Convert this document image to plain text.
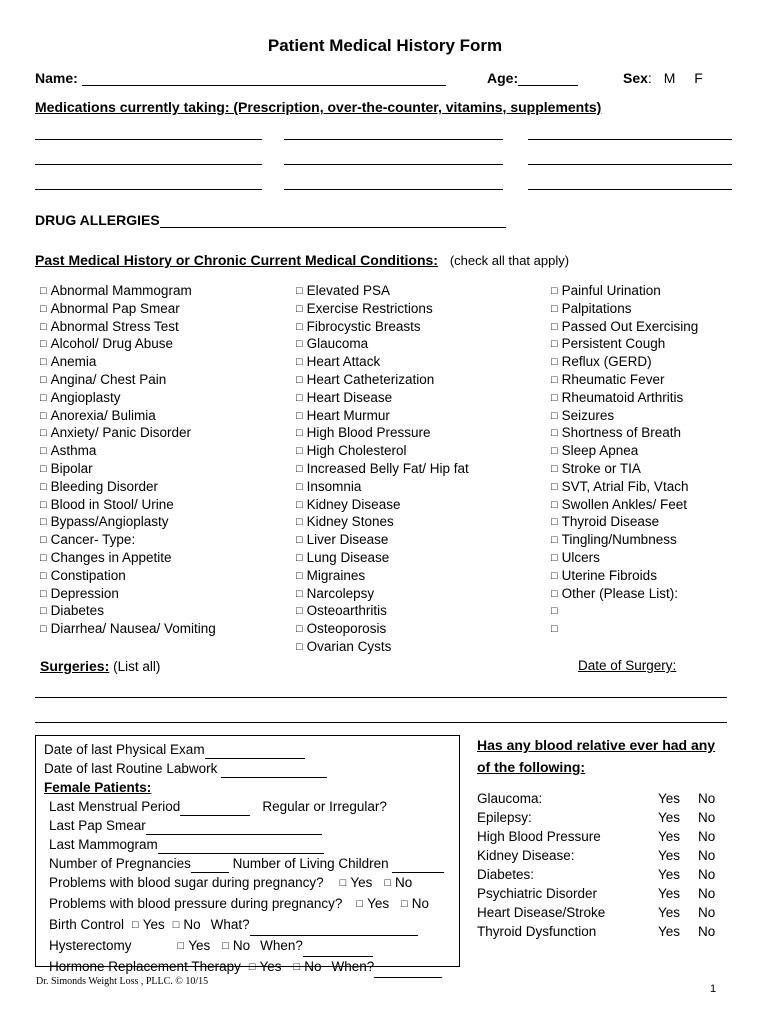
Patient Medical History Form
Name:	Age:	Sex: M F
Medications currently taking: (Prescription, over-the-counter, vitamins, supplements)
DRUG ALLERGIES
Past Medical History or Chronic Current Medical Conditions: (check all that apply)
□ Abnormal Mammogram
□ Abnormal Pap Smear
□ Abnormal Stress Test
□ Alcohol/ Drug Abuse
□ Anemia
□ Angina/ Chest Pain
□ Angioplasty
□ Anorexia/ Bulimia
□ Anxiety/ Panic Disorder
□ Asthma
□ Bipolar
□ Bleeding Disorder
□ Blood in Stool/ Urine
□ Bypass/Angioplasty
□ Cancer- Type:
□ Changes in Appetite
□ Constipation
□ Depression
□ Diabetes
□ Diarrhea/ Nausea/ Vomiting
□ Elevated PSA
□ Exercise Restrictions
□ Fibrocystic Breasts
□ Glaucoma
□ Heart Attack
□ Heart Catheterization
□ Heart Disease
□ Heart Murmur
□ High Blood Pressure
□ High Cholesterol
□ Increased Belly Fat/ Hip fat
□ Insomnia
□ Kidney Disease
□ Kidney Stones
□ Liver Disease
□ Lung Disease
□ Migraines
□ Narcolepsy
□ Osteoarthritis
□ Osteoporosis
□ Ovarian Cysts
□ Painful Urination
□ Palpitations
□ Passed Out Exercising
□ Persistent Cough
□ Reflux (GERD)
□ Rheumatic Fever
□ Rheumatoid Arthritis
□ Seizures
□ Shortness of Breath
□ Sleep Apnea
□ Stroke or TIA
□ SVT, Atrial Fib, Vtach
□ Swollen Ankles/ Feet
□ Thyroid Disease
□ Tingling/Numbness
□ Ulcers
□ Uterine Fibroids
□ Other (Please List):
□
□
Surgeries: (List all)	Date of Surgery:
Date of last Physical Exam
Date of last Routine Labwork
Female Patients:
Last Menstrual Period	Regular or Irregular?
Last Pap Smear
Last Mammogram
Number of Pregnancies	Number of Living Children
Problems with blood sugar during pregnancy? □ Yes □ No
Problems with blood pressure during pregnancy? □ Yes □ No
Birth Control □ Yes □ No What?
Hysterectomy	□ Yes □ No When?
Hormone Replacement Therapy □ Yes □ No When?
Has any blood relative ever had any
of the following:
Glaucoma:	Yes No
Epilepsy:	Yes No
High Blood Pressure	Yes No
Kidney Disease:	Yes No
Diabetes:	Yes No
Psychiatric Disorder	Yes No
Heart Disease/Stroke	Yes No
Thyroid Dysfunction	Yes No
Dr. Simonds Weight Loss , PLLC. © 10/15
1
